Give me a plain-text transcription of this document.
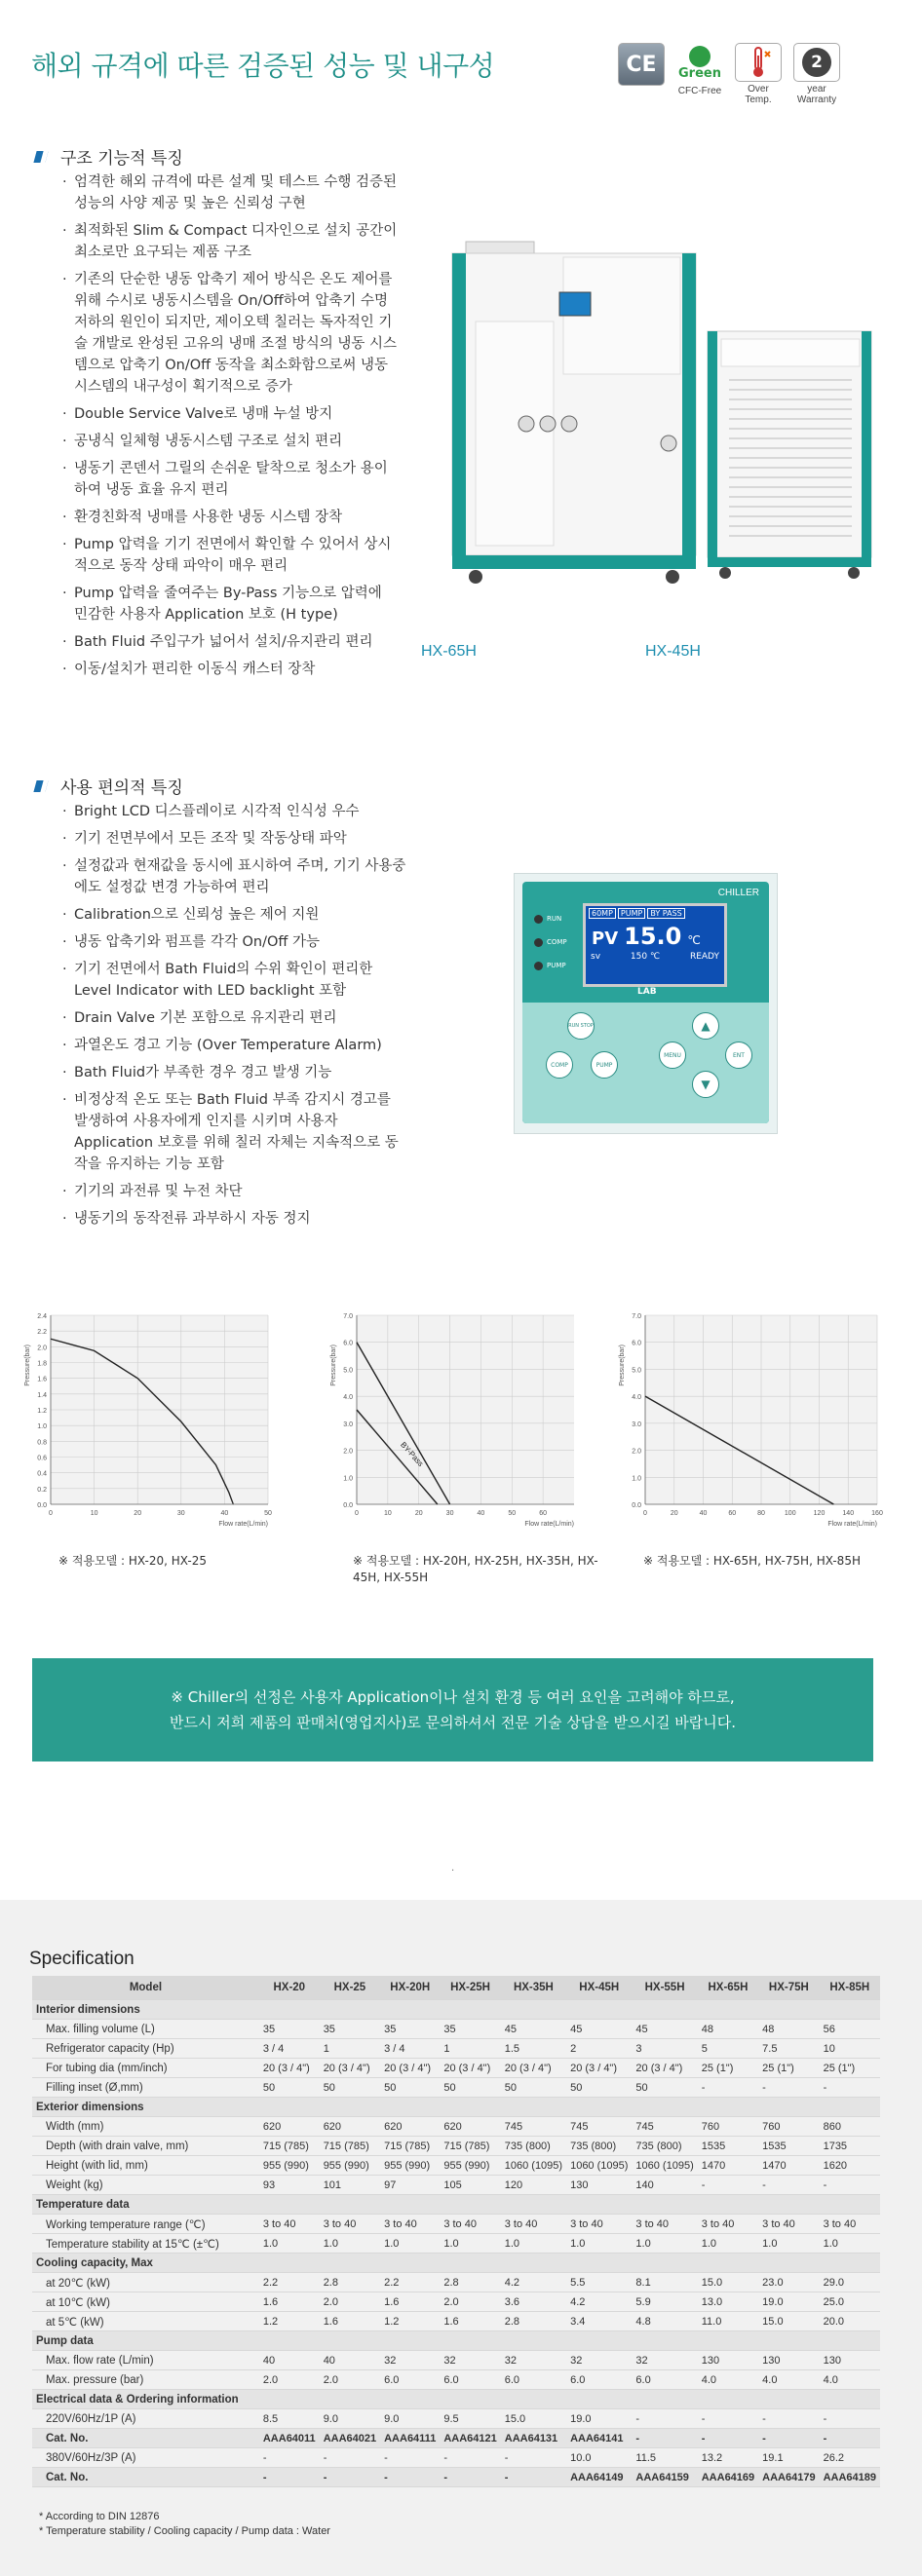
해외 규격에 따른 검증된 성능 및 내구성	CE	Green
CFC-Free	Over Temp.
2
year Warranty
구조 기능적 특징
· 엄격한 해외 규격에 따른 설계 및 테스트 수행 검증된 성능의 사양 제공 및 높은 신뢰성 구현
· 최적화된 Slim & Compact 디자인으로 설치 공간이 최소로만 요구되는 제품 구조
· 기존의 단순한 냉동 압축기 제어 방식은 온도 제어를 위해 수시로 냉동시스템을 On/Off하여 압축기 수명 저하의 원인이 되지만, 제이오텍 칠러는 독자적인 기술 개발로 완성된 고유의 냉매 조절 방식의 냉동 시스템으로 압축기 On/Off 동작을 최소화함으로써 냉동 시스템의 내구성이 획기적으로 증가
· Double Service Valve로 냉매 누설 방지
· 공냉식 일체형 냉동시스템 구조로 설치 편리
· 냉동기 콘덴서 그릴의 손쉬운 탈착으로 청소가 용이하여 냉동 효율 유지 편리
· 환경친화적 냉매를 사용한 냉동 시스템 장착
· Pump 압력을 기기 전면에서 확인할 수 있어서 상시적으로 동작 상태 파악이 매우 편리
· Pump 압력을 줄여주는 By-Pass 기능으로 압력에 민감한 사용자 Application 보호 (H type)
· Bath Fluid 주입구가 넓어서 설치/유지관리 편리
· 이동/설치가 편리한 이동식 캐스터 장착
HX-65H	HX-45H
사용 편의적 특징
· Bright LCD 디스플레이로 시각적 인식성 우수
· 기기 전면부에서 모든 조작 및 작동상태 파악
· 설정값과 현재값을 동시에 표시하여 주며, 기기 사용중에도 설정값 변경 가능하여 편리
· Calibration으로 신뢰성 높은 제어 지원
· 냉동 압축기와 펌프를 각각 On/Off 가능
· 기기 전면에서 Bath Fluid의 수위 확인이 편리한 Level Indicator with LED backlight 포함
· Drain Valve 기본 포함으로 유지관리 편리
· 과열온도 경고 기능 (Over Temperature Alarm)
· Bath Fluid가 부족한 경우 경고 발생 기능
· 비정상적 온도 또는 Bath Fluid 부족 감지시 경고를 발생하여 사용자에게 인지를 시키며 사용자 Application 보호를 위해 칠러 자체는 지속적으로 동작을 유지하는 기능 포함
· 기기의 과전류 및 누전 차단
· 냉동기의 동작전류 과부하시 자동 정지
CHILLER
RUN
COMP
PUMP
60MP	PUMP	BY PASS
PV 15.0 ℃
sv	150 ℃	READY
LAB
RUN STOP
COMP	PUMP
▲
MENU	ENT
▼
0.0
0.2
0.4
0.6
0.8
1.0
1.2
1.4
1.6
1.8
2.0
2.2
2.4
0	10	20	30	40	50
Flow rate(L/min)
Pressure(bar)
0.0
1.0
2.0
3.0
4.0
5.0
6.0
7.0
0	10	20	30	40	50	60
Flow rate(L/min)
Pressure(bar)
BY-Pass
0.0
1.0
2.0
3.0
4.0
5.0
6.0
7.0
0	20	40	60	80	100	120	140	160
Flow rate(L/min)
Pressure(bar)
※ 적용모델 : HX-20, HX-25	※ 적용모델 : HX-20H, HX-25H, HX-35H, HX-45H, HX-55H
※ 적용모델 : HX-65H, HX-75H, HX-85H
※ Chiller의 선정은 사용자 Application이나 설치 환경 등 여러 요인을 고려해야 하므로,
반드시 저희 제품의 판매처(영업지사)로 문의하셔서 전문 기술 상담을 받으시길 바랍니다.
.
Specification
Model	HX-20	HX-25	HX-20H	HX-25H	HX-35H	HX-45H	HX-55H	HX-65H	HX-75H	HX-85H
Interior dimensions										
Max. filling volume (L)	35	35	35	35	45	45	45	48	48	56
Refrigerator capacity (Hp)	3 / 4	1	3 / 4	1	1.5	2	3	5	7.5	10
For tubing dia (mm/inch)	20 (3 / 4")	20 (3 / 4")	20 (3 / 4")	20 (3 / 4")	20 (3 / 4")	20 (3 / 4")	20 (3 / 4")	25 (1")	25 (1")	25 (1")
Filling inset (Ø,mm)	50	50	50	50	50	50	50	-	-	-
Exterior dimensions										
Width (mm)	620	620	620	620	745	745	745	760	760	860
Depth (with drain valve, mm)	715 (785)	715 (785)	715 (785)	715 (785)	735 (800)	735 (800)	735 (800)	1535	1535	1735
Height (with lid, mm)	955 (990)	955 (990)	955 (990)	955 (990)	1060 (1095)	1060 (1095)	1060 (1095)	1470	1470	1620
Weight (kg)	93	101	97	105	120	130	140	-	-	-
Temperature data										
Working temperature range (℃)	3 to 40	3 to 40	3 to 40	3 to 40	3 to 40	3 to 40	3 to 40	3 to 40	3 to 40	3 to 40
Temperature stability at 15℃ (±℃)	1.0	1.0	1.0	1.0	1.0	1.0	1.0	1.0	1.0	1.0
Cooling capacity, Max										
at 20℃ (kW)	2.2	2.8	2.2	2.8	4.2	5.5	8.1	15.0	23.0	29.0
at 10℃ (kW)	1.6	2.0	1.6	2.0	3.6	4.2	5.9	13.0	19.0	25.0
at 5℃ (kW)	1.2	1.6	1.2	1.6	2.8	3.4	4.8	11.0	15.0	20.0
Pump data										
Max. flow rate (L/min)	40	40	32	32	32	32	32	130	130	130
Max. pressure (bar)	2.0	2.0	6.0	6.0	6.0	6.0	6.0	4.0	4.0	4.0
Electrical data & Ordering information										
220V/60Hz/1P (A)	8.5	9.0	9.0	9.5	15.0	19.0	-	-	-	-
Cat. No.	AAA64011	AAA64021	AAA64111	AAA64121	AAA64131	AAA64141	-	-	-	-
380V/60Hz/3P (A)	-	-	-	-	-	10.0	11.5	13.2	19.1	26.2
Cat. No.	-	-	-	-	-	AAA64149	AAA64159	AAA64169	AAA64179	AAA64189
* According to DIN 12876
* Temperature stability / Cooling capacity / Pump data : Water
